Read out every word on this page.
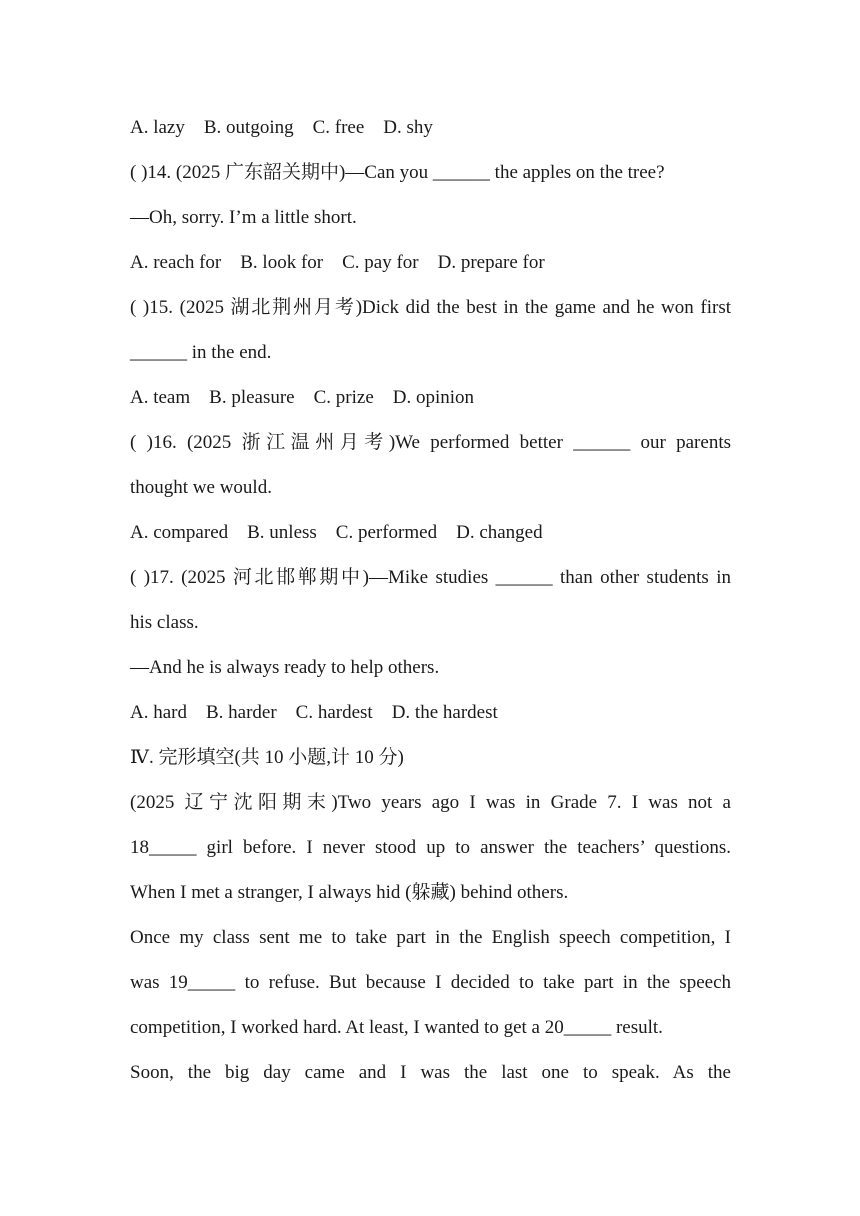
A. lazy    B. outgoing    C. free    D. shy
( )14. (2025 广东韶关期中)—Can you ______ the apples on the tree?
—Oh, sorry. I’m a little short.
A. reach for    B. look for    C. pay for    D. prepare for
( )15. (2025 湖北荆州月考)Dick did the best in the game and he won first
______ in the end.
A. team    B. pleasure    C. prize    D. opinion
( )16. (2025 浙江温州月考)We performed better ______ our parents
thought we would.
A. compared    B. unless    C. performed    D. changed
( )17. (2025 河北邯郸期中)—Mike studies ______ than other students in
his class.
—And he is always ready to help others.
A. hard    B. harder    C. hardest    D. the hardest
Ⅳ. 完形填空(共 10 小题,计 10 分)
(2025 辽宁沈阳期末)Two years ago I was in Grade 7. I was not a
18_____ girl before. I never stood up to answer the teachers’ questions.
When I met a stranger, I always hid (躲藏) behind others.
Once my class sent me to take part in the English speech competition, I
was 19_____ to refuse. But because I decided to take part in the speech
competition, I worked hard. At least, I wanted to get a 20_____ result.
Soon, the big day came and I was the last one to speak. As the
